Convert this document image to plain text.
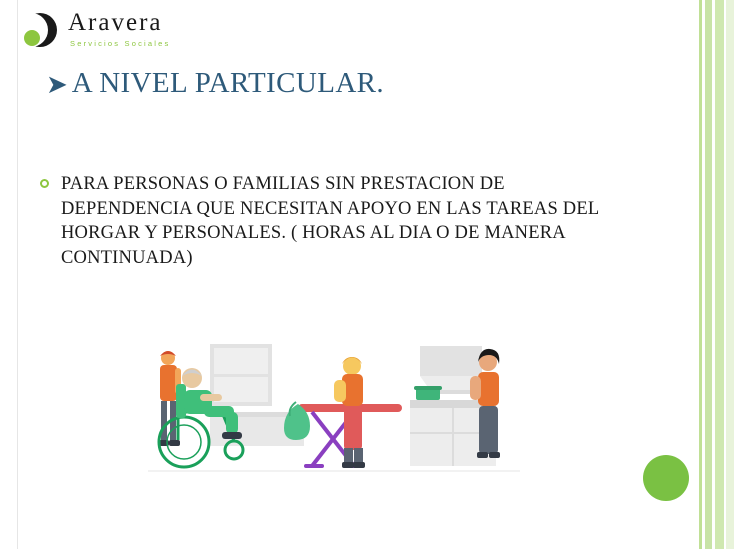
Aravera
Servicios Sociales
➤ A NIVEL PARTICULAR.
PARA PERSONAS O FAMILIAS SIN PRESTACION DE DEPENDENCIA QUE NECESITAN APOYO EN LAS TAREAS DEL HORGAR Y PERSONALES. ( HORAS AL DIA O DE MANERA CONTINUADA)
